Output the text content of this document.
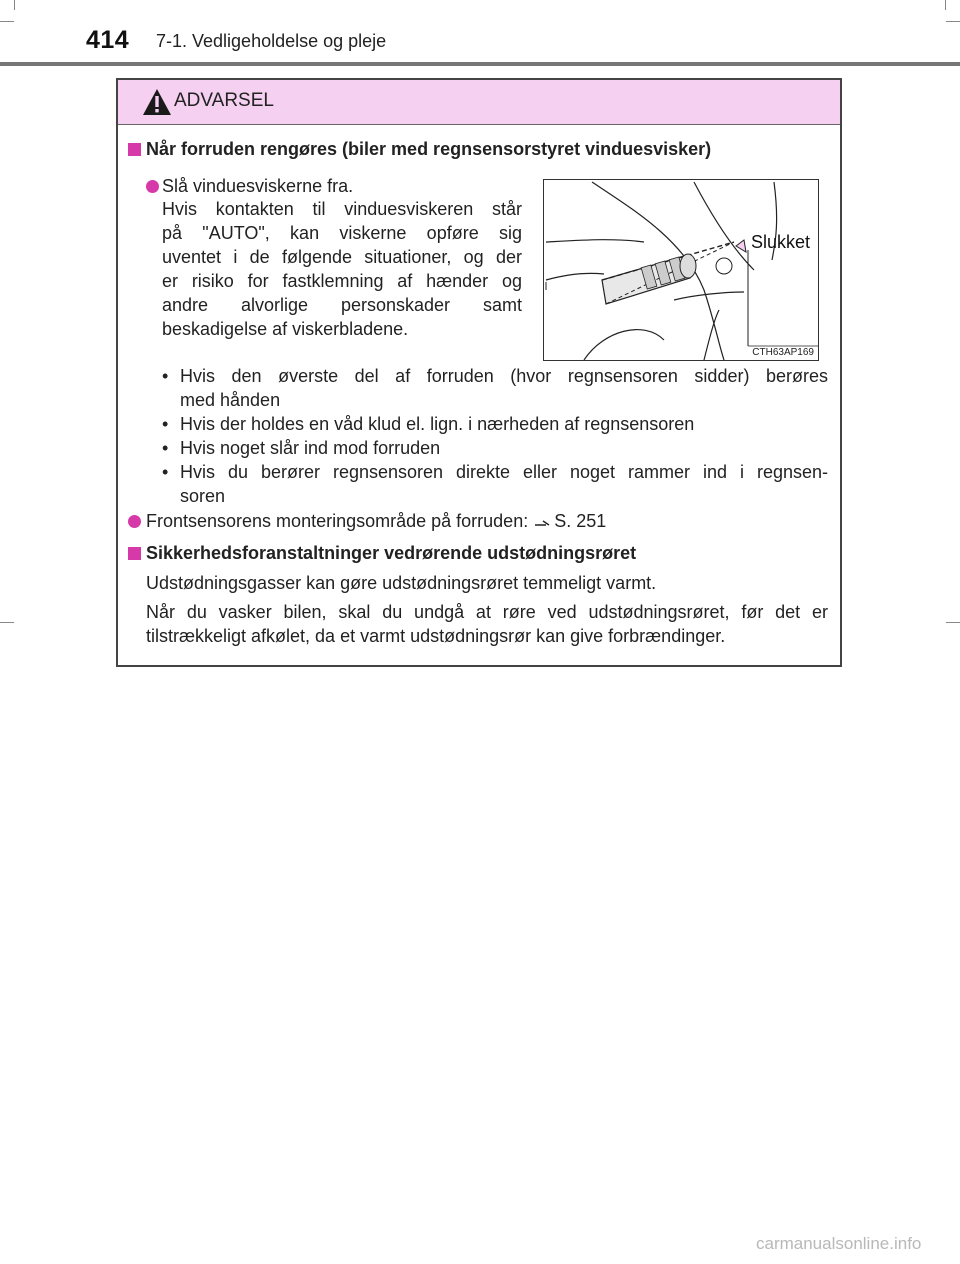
414 7-1. Vedligeholdelse og pleje
ADVARSEL
Når forruden rengøres (biler med regnsensorstyret vinduesvisker)
Slå vinduesviskerne fra.
Hvis kontakten til vinduesviskeren står
på "AUTO", kan viskerne opføre sig
uventet i de følgende situationer, og der
er risiko for fastklemning af hænder og
andre alvorlige personskader samt
beskadigelse af viskerbladene.
Slukket
CTH63AP169
• Hvis den øverste del af forruden (hvor regnsensoren sidder) berøres
med hånden
• Hvis der holdes en våd klud el. lign. i nærheden af regnsensoren
• Hvis noget slår ind mod forruden
• Hvis du berører regnsensoren direkte eller noget rammer ind i regnsen-
soren
Frontsensorens monteringsområde på forruden: S. 251
Sikkerhedsforanstaltninger vedrørende udstødningsrøret
Udstødningsgasser kan gøre udstødningsrøret temmeligt varmt.
Når du vasker bilen, skal du undgå at røre ved udstødningsrøret, før det er
tilstrækkeligt afkølet, da et varmt udstødningsrør kan give forbrændinger.
carmanualsonline.info
